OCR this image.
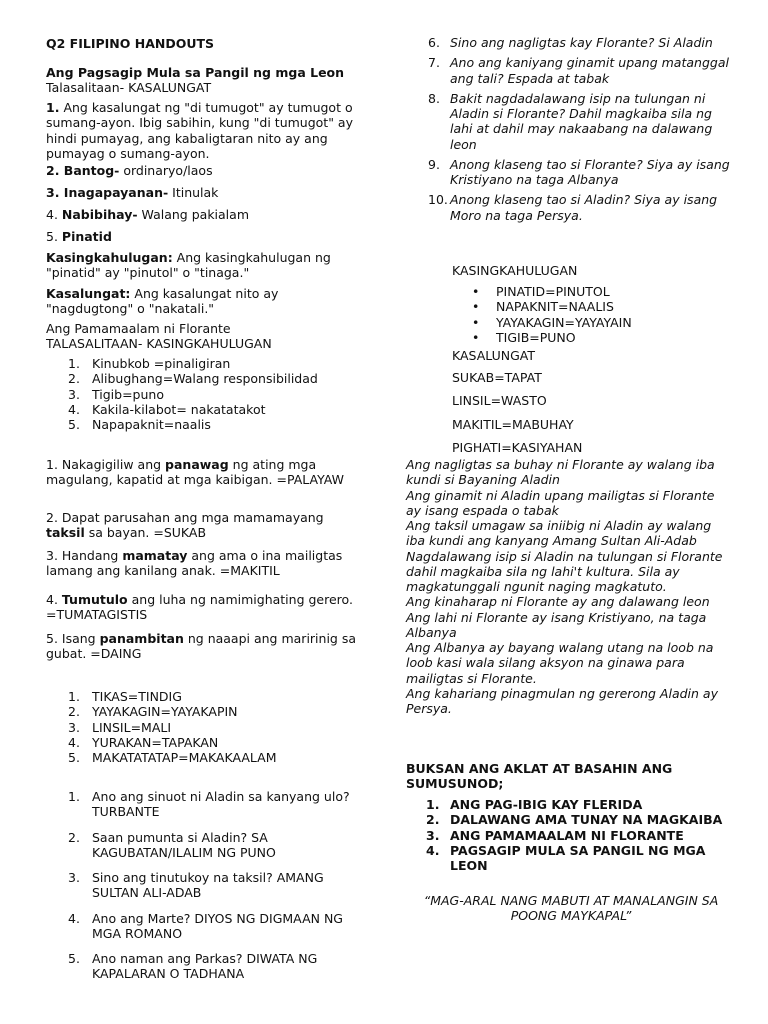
Q2 FILIPINO HANDOUTS

Ang Pagsagip Mula sa Pangil ng mga Leon

Talasalitaan- KASALUNGAT

1. Ang kasalungat ng "di tumugot" ay tumugot o sumang-ayon. Ibig sabihin, kung "di tumugot" ay hindi pumayag, ang kabaligtaran nito ay ang pumayag o sumang-ayon.

2. Bantog- ordinaryo/laos

3. Inagapayanan- Itinulak

4. Nabibihay- Walang pakialam

5. Pinatid

Kasingkahulugan: Ang kasingkahulugan ng "pinatid" ay "pinutol" o "tinaga."

Kasalungat: Ang kasalungat nito ay "nagdugtong" o "nakatali."

Ang Pamamaalam ni Florante

TALASALITAAN- KASINGKAHULUGAN

1. Kinubkob =pinaligiran
2. Alibughang=Walang responsibilidad
3. Tigib=puno
4. Kakila-kilabot= nakatatakot
5. Napapaknit=naalis

1. Nakagigiliw ang panawag ng ating mga magulang, kapatid at mga kaibigan. =PALAYAW

2. Dapat parusahan ang mga mamamayang taksil sa bayan. =SUKAB

3. Handang mamatay ang ama o ina mailigtas lamang ang kanilang anak. =MAKITIL

4. Tumutulo ang luha ng namimighating gerero. =TUMATAGISTIS

5. Isang panambitan ng naaapi ang maririnig sa gubat. =DAING

1. TIKAS=TINDIG
2. YAYAKAGIN=YAYAKAPIN
3. LINSIL=MALI
4. YURAKAN=TAPAKAN
5. MAKATATATAP=MAKAKAALAM
1. Ano ang sinuot ni Aladin sa kanyang ulo? TURBANTE
2. Saan pumunta si Aladin? SA KAGUBATAN/ILALIM NG PUNO
3. Sino ang tinutukoy na taksil? AMANG SULTAN ALI-ADAB
4. Ano ang Marte? DIYOS NG DIGMAAN NG MGA ROMANO
5. Ano naman ang Parkas? DIWATA NG KAPALARAN O TADHANA
6. Sino ang nagligtas kay Florante? Si Aladin
7. Ano ang kaniyang ginamit upang matanggal ang tali? Espada at tabak
8. Bakit nagdadalawang isip na tulungan ni Aladin si Florante? Dahil magkaiba sila ng lahi at dahil may nakaabang na dalawang leon
9. Anong klaseng tao si Florante? Siya ay isang Kristiyano na taga Albanya
10. Anong klaseng tao si Aladin? Siya ay isang Moro na taga Persya.

KASINGKAHULUGAN

•	PINATID=PINUTOL
•	NAPAKNIT=NAALIS
•	YAYAKAGIN=YAYAYAIN
•	TIGIB=PUNO

KASALUNGAT

SUKAB=TAPAT

LINSIL=WASTO

MAKITIL=MABUHAY

PIGHATI=KASIYAHAN

Ang nagligtas sa buhay ni Florante ay walang iba kundi si Bayaning Aladin

Ang ginamit ni Aladin upang mailigtas si Florante ay isang espada o tabak

Ang taksil umagaw sa iniibig ni Aladin ay walang iba kundi ang kanyang Amang Sultan Ali-Adab

Nagdalawang isip si Aladin na tulungan si Florante dahil magkaiba sila ng lahi't kultura. Sila ay magkatunggali ngunit naging magkatuto.

Ang kinaharap ni Florante ay ang dalawang leon

Ang lahi ni Florante ay isang Kristiyano, na taga Albanya

Ang Albanya ay bayang walang utang na loob na loob kasi wala silang aksyon na ginawa para mailigtas si Florante.

Ang kahariang pinagmulan ng gererong Aladin ay Persya.

BUKSAN ANG AKLAT AT BASAHIN ANG SUMUSUNOD;

1. ANG PAG-IBIG KAY FLERIDA
2. DALAWANG AMA TUNAY NA MAGKAIBA
3. ANG PAMAMAALAM NI FLORANTE
4. PAGSAGIP MULA SA PANGIL NG MGA LEON

“MAG-ARAL NANG MABUTI AT MANALANGIN SA POONG MAYKAPAL”
